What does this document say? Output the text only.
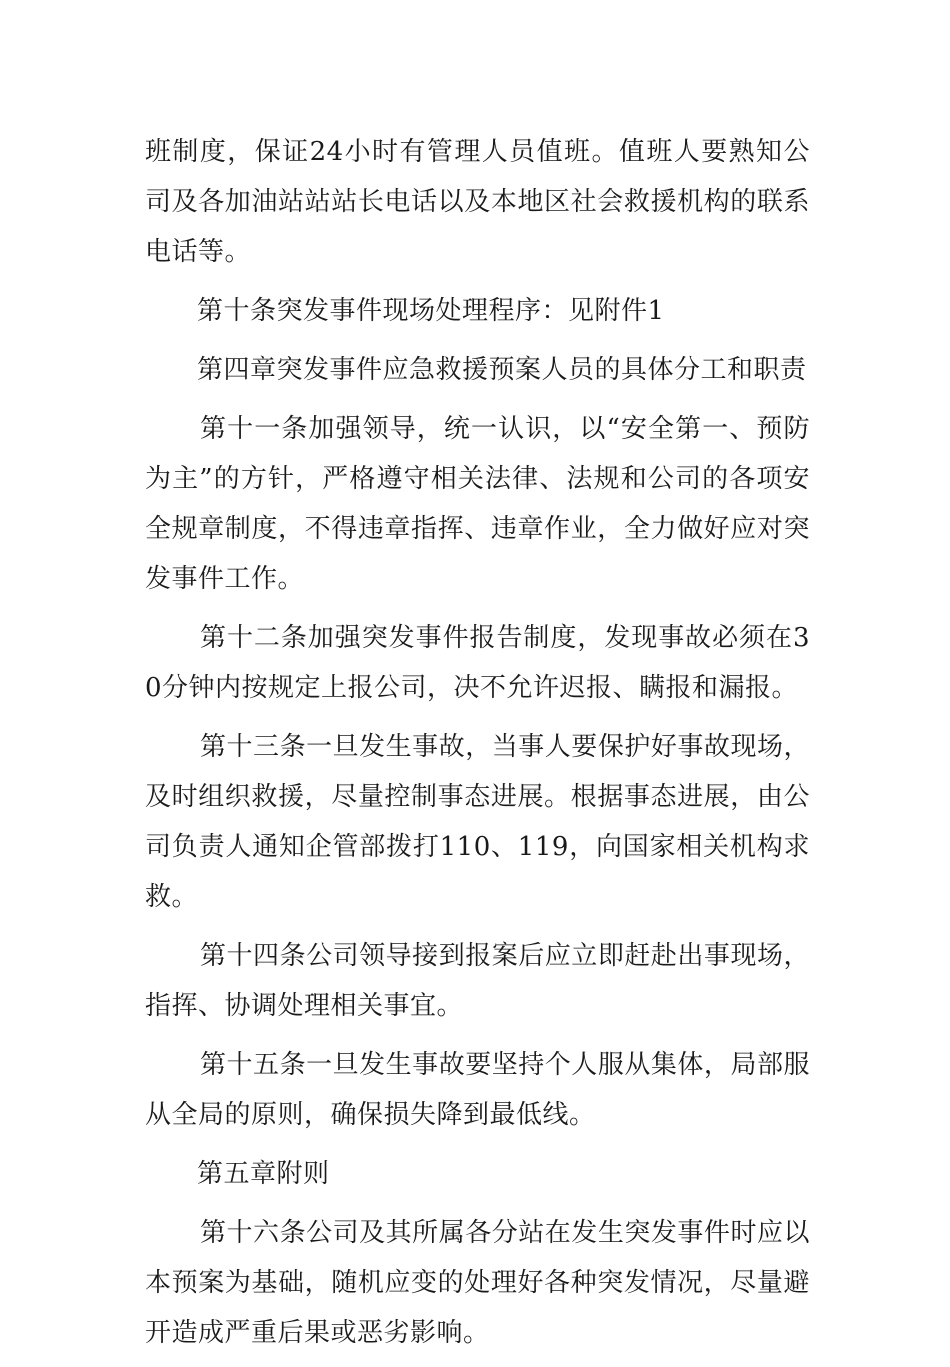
班制度，保证24小时有管理人员值班。值班人要熟知公司及各加油站站站长电话以及本地区社会救援机构的联系电话等。

第十条突发事件现场处理程序：见附件1

第四章突发事件应急救援预案人员的具体分工和职责

第十一条加强领导，统一认识，以“安全第一、预防为主”的方针，严格遵守相关法律、法规和公司的各项安全规章制度，不得违章指挥、违章作业，全力做好应对突发事件工作。

第十二条加强突发事件报告制度，发现事故必须在30分钟内按规定上报公司，决不允许迟报、瞒报和漏报。

第十三条一旦发生事故，当事人要保护好事故现场，及时组织救援，尽量控制事态进展。根据事态进展，由公司负责人通知企管部拨打110、119，向国家相关机构求救。

第十四条公司领导接到报案后应立即赶赴出事现场，指挥、协调处理相关事宜。

第十五条一旦发生事故要坚持个人服从集体，局部服从全局的原则，确保损失降到最低线。

第五章附则

第十六条公司及其所属各分站在发生突发事件时应以本预案为基础，随机应变的处理好各种突发情况，尽量避开造成严重后果或恶劣影响。
